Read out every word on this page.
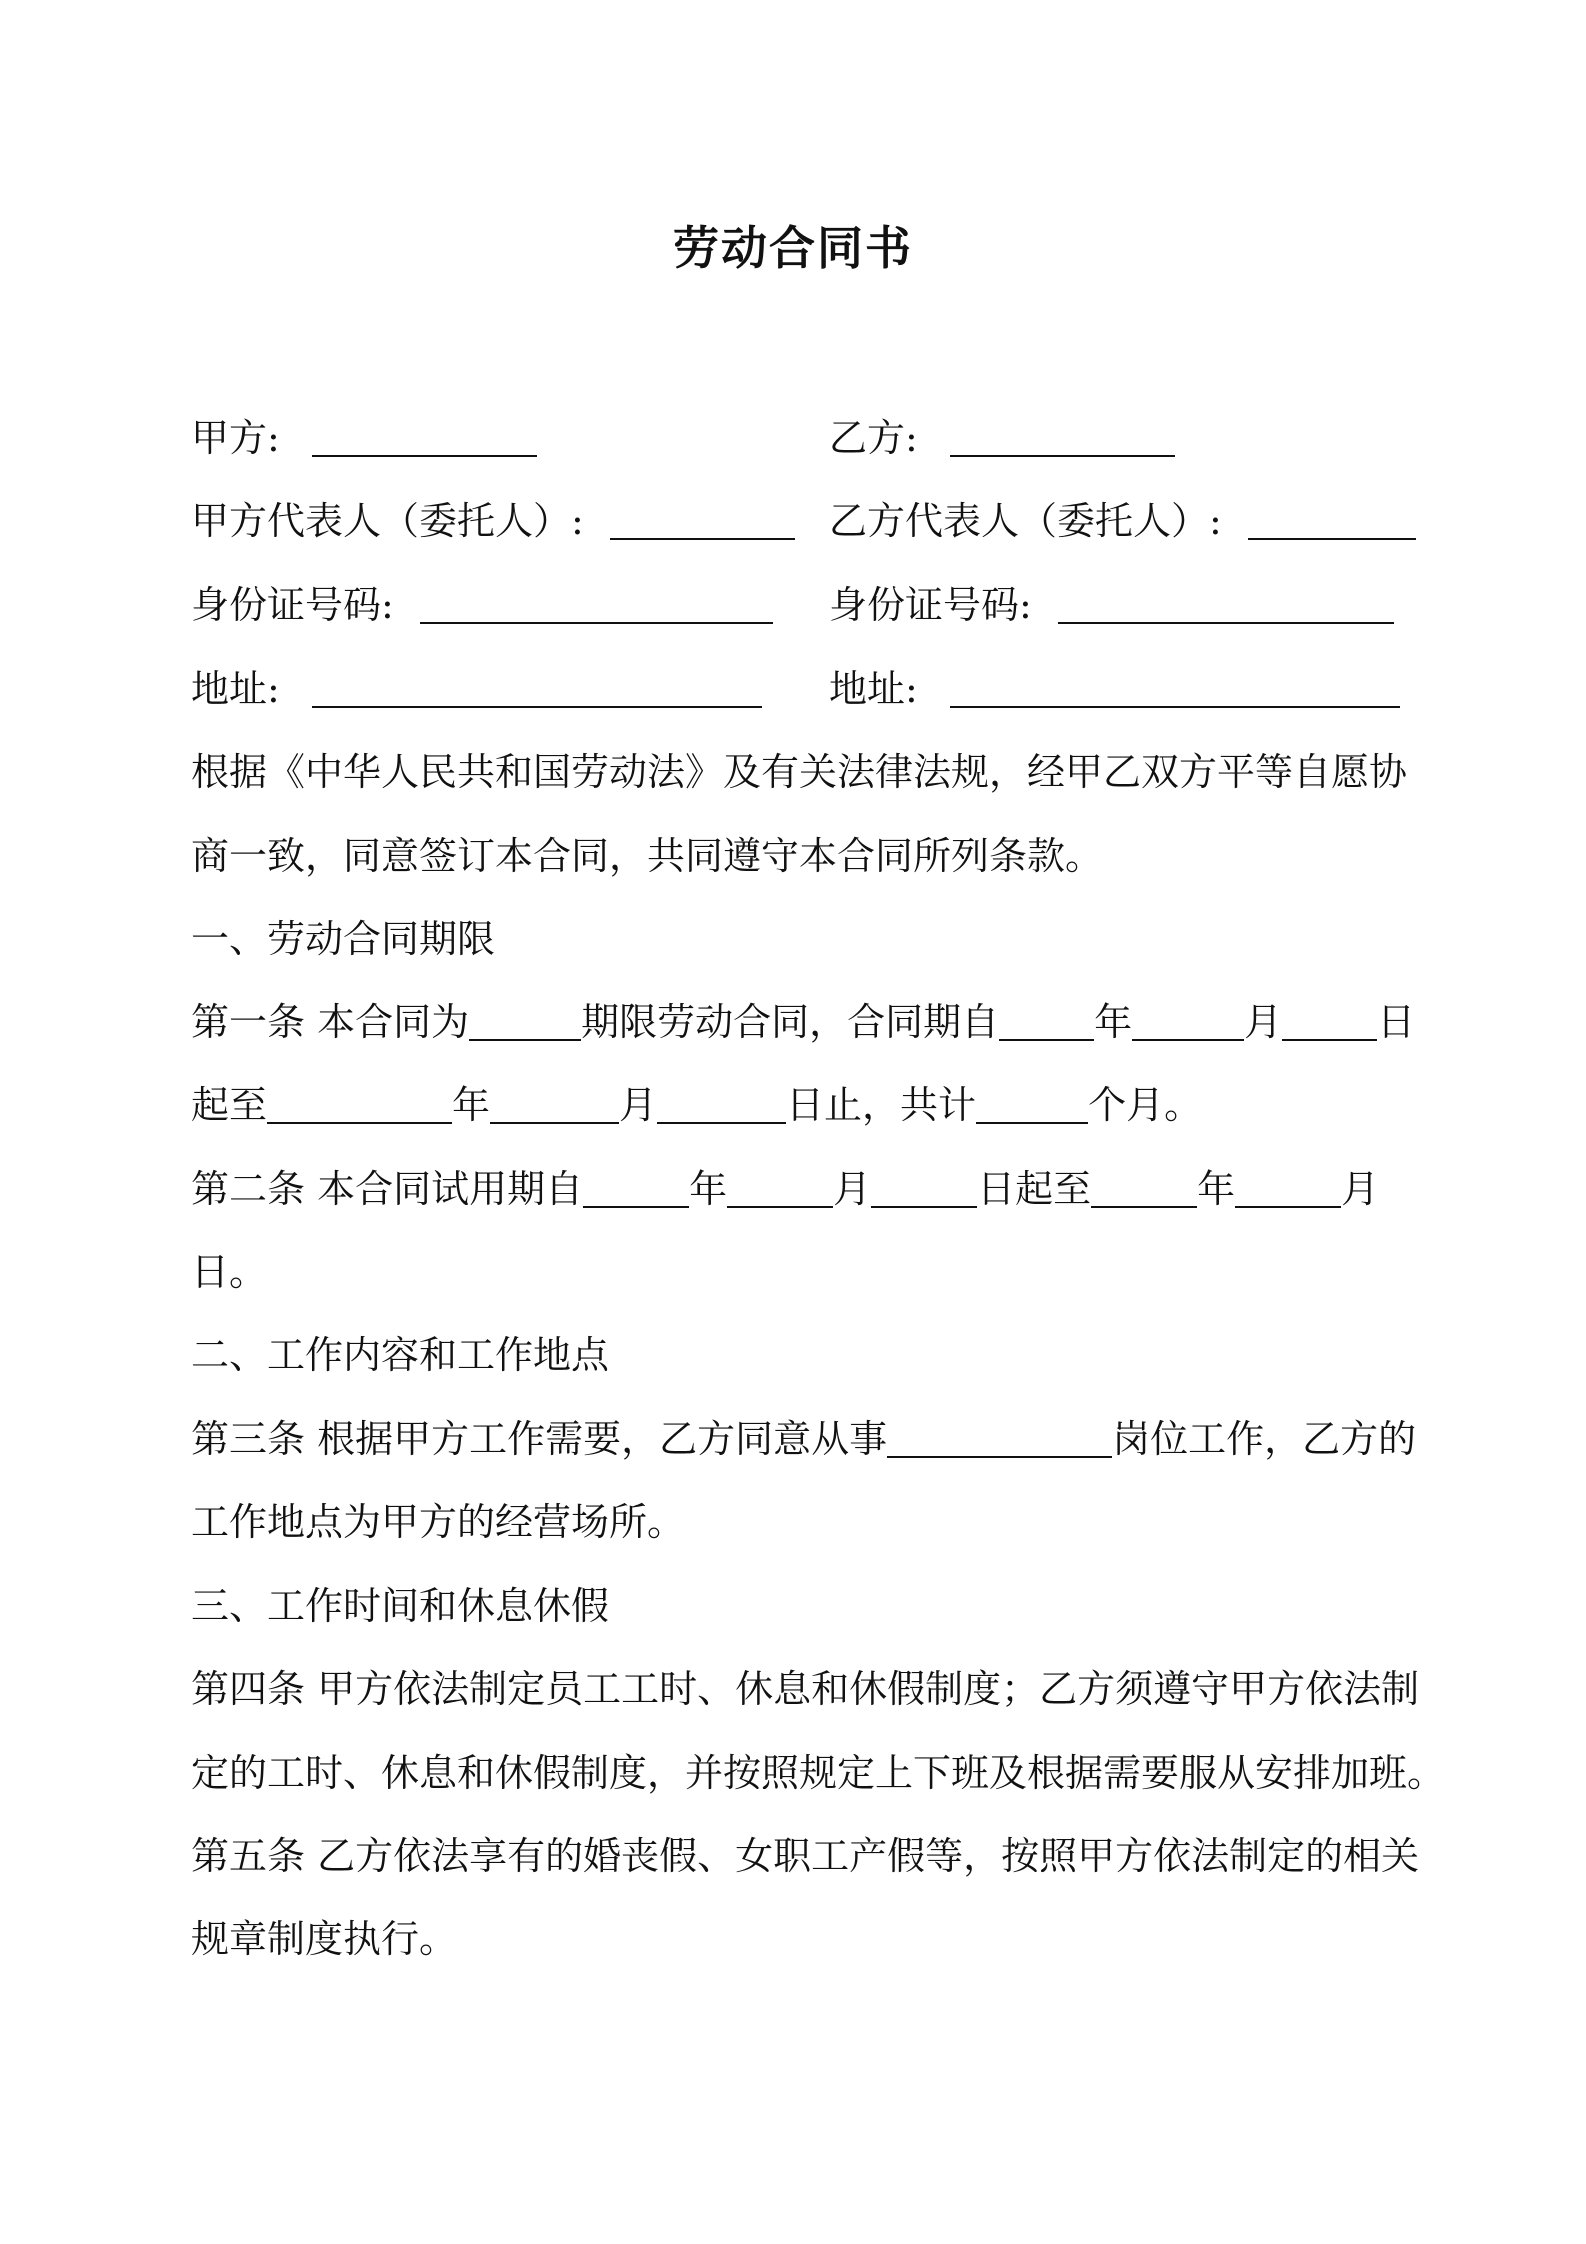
劳动合同书
甲方:	乙方:
甲方代表人（委托人）:	乙方代表人（委托人）:
身份证号码:	身份证号码:
地址:	地址:
根据《中华人民共和国劳动法》及有关法律法规，经甲乙双方平等自愿协
商一致，同意签订本合同，共同遵守本合同所列条款。
一、劳动合同期限
第一条 本合同为	期限劳动合同，合同期自	年	月	日
起至	年	月	日止，共计	个月。
第二条 本合同试用期自	年	月	日起至	年	月
日。
二、工作内容和工作地点
第三条 根据甲方工作需要，乙方同意从事	岗位工作，乙方的
工作地点为甲方的经营场所。
三、工作时间和休息休假
第四条 甲方依法制定员工工时、休息和休假制度；乙方须遵守甲方依法制
定的工时、休息和休假制度，并按照规定上下班及根据需要服从安排加班。
第五条 乙方依法享有的婚丧假、女职工产假等，按照甲方依法制定的相关
规章制度执行。
